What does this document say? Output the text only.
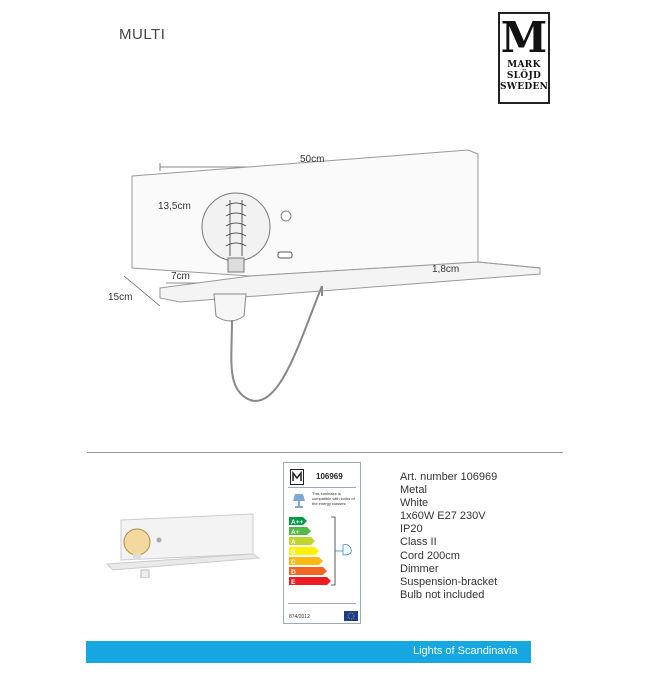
MULTI	M
MARK
SLÖJD
SWEDEN
50cm
13,5cm
15cm
7cm
1,8cm
106969
This luminaire is compatible with bulbs of the energy classes:
A++
A+
A
B
C
D
E
874/2012
Art. number 106969
Metal
White
1x60W E27 230V
IP20
Class II
Cord 200cm
Dimmer
Suspension-bracket
Bulb not included
Lights of Scandinavia
